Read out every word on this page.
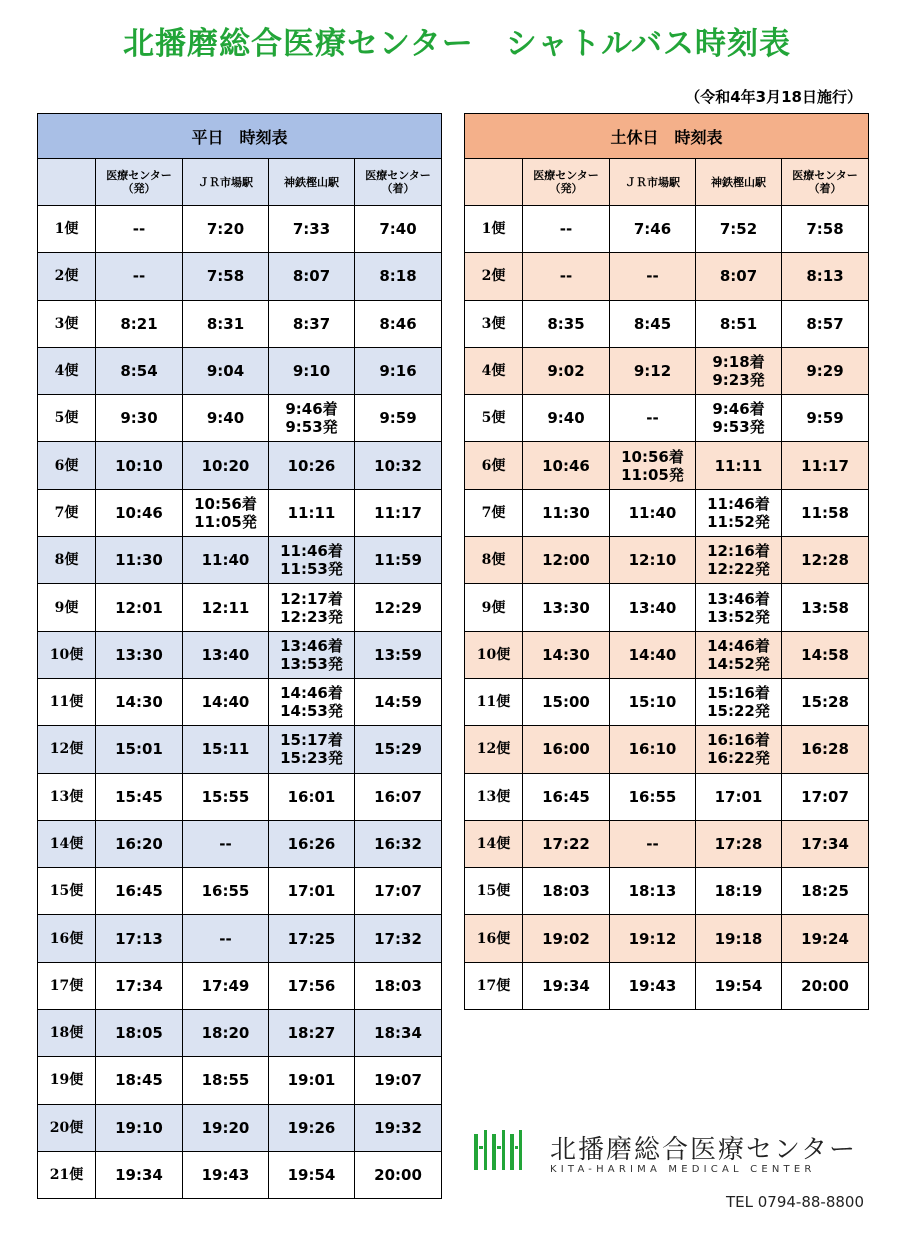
北播磨総合医療センター　シャトルバス時刻表
（令和4年3月18日施行）
平日　時刻表				
	医療センター
（発）	ＪＲ市場駅	神鉄樫山駅	医療センター
（着）
1便	--	7:20	7:33	7:40
2便	--	7:58	8:07	8:18
3便	8:21	8:31	8:37	8:46
4便	8:54	9:04	9:10	9:16
5便	9:30	9:40	9:46着
9:53発	9:59
6便	10:10	10:20	10:26	10:32
7便	10:46	10:56着
11:05発	11:11	11:17
8便	11:30	11:40	11:46着
11:53発	11:59
9便	12:01	12:11	12:17着
12:23発	12:29
10便	13:30	13:40	13:46着
13:53発	13:59
11便	14:30	14:40	14:46着
14:53発	14:59
12便	15:01	15:11	15:17着
15:23発	15:29
13便	15:45	15:55	16:01	16:07
14便	16:20	--	16:26	16:32
15便	16:45	16:55	17:01	17:07
16便	17:13	--	17:25	17:32
17便	17:34	17:49	17:56	18:03
18便	18:05	18:20	18:27	18:34
19便	18:45	18:55	19:01	19:07
20便	19:10	19:20	19:26	19:32
21便	19:34	19:43	19:54	20:00
土休日　時刻表				
	医療センター
（発）	ＪＲ市場駅	神鉄樫山駅	医療センター
（着）
1便	--	7:46	7:52	7:58
2便	--	--	8:07	8:13
3便	8:35	8:45	8:51	8:57
4便	9:02	9:12	9:18着
9:23発	9:29
5便	9:40	--	9:46着
9:53発	9:59
6便	10:46	10:56着
11:05発	11:11	11:17
7便	11:30	11:40	11:46着
11:52発	11:58
8便	12:00	12:10	12:16着
12:22発	12:28
9便	13:30	13:40	13:46着
13:52発	13:58
10便	14:30	14:40	14:46着
14:52発	14:58
11便	15:00	15:10	15:16着
15:22発	15:28
12便	16:00	16:10	16:16着
16:22発	16:28
13便	16:45	16:55	17:01	17:07
14便	17:22	--	17:28	17:34
15便	18:03	18:13	18:19	18:25
16便	19:02	19:12	19:18	19:24
17便	19:34	19:43	19:54	20:00
北播磨総合医療センター
KITA-HARIMA MEDICAL CENTER
TEL 0794-88-8800
